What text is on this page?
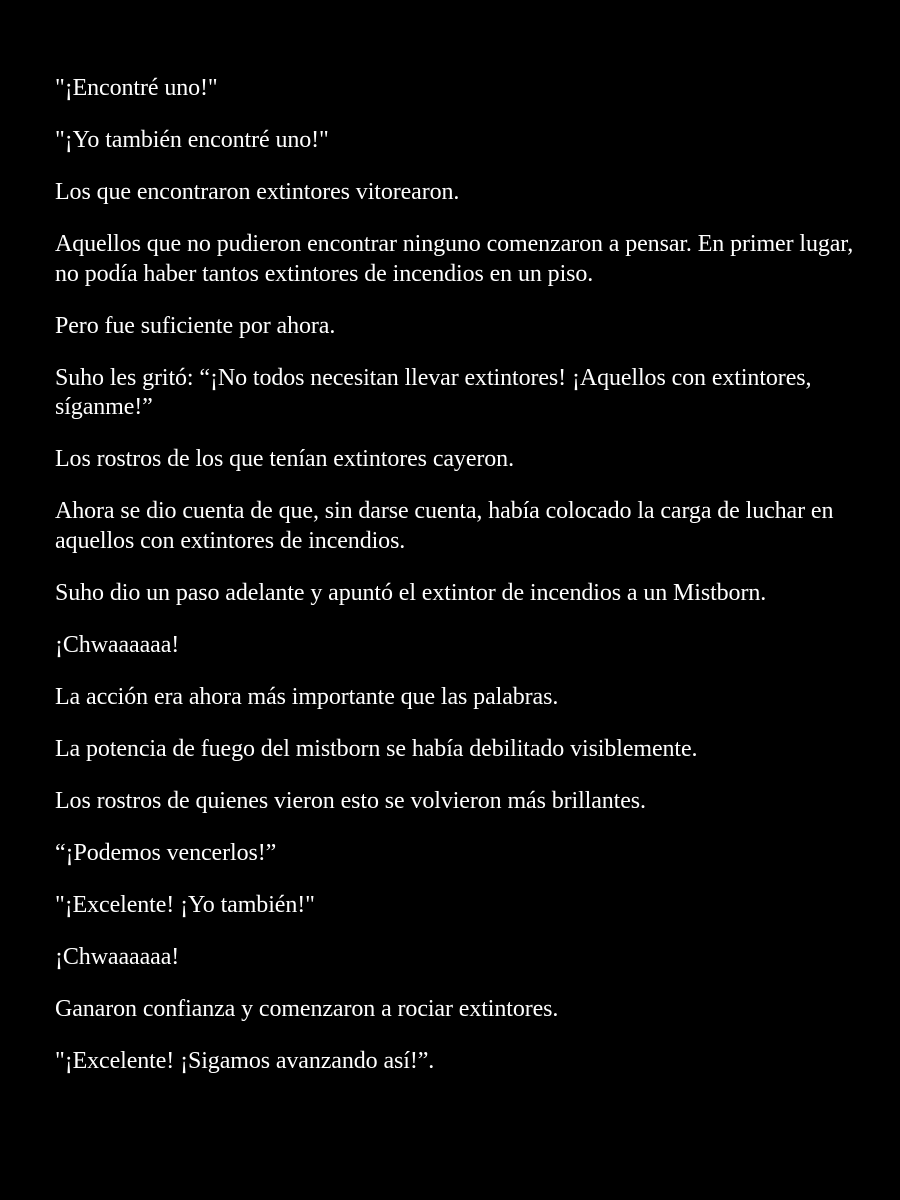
"¡Encontré uno!"

"¡Yo también encontré uno!"

Los que encontraron extintores vitorearon.

Aquellos que no pudieron encontrar ninguno comenzaron a pensar. En primer lugar, no podía haber tantos extintores de incendios en un piso.

Pero fue suficiente por ahora.

Suho les gritó: “¡No todos necesitan llevar extintores! ¡Aquellos con extintores, síganme!”

Los rostros de los que tenían extintores cayeron.

Ahora se dio cuenta de que, sin darse cuenta, había colocado la carga de luchar en aquellos con extintores de incendios.

Suho dio un paso adelante y apuntó el extintor de incendios a un Mistborn.

¡Chwaaaaaa!

La acción era ahora más importante que las palabras.

La potencia de fuego del mistborn se había debilitado visiblemente.

Los rostros de quienes vieron esto se volvieron más brillantes.

“¡Podemos vencerlos!”

"¡Excelente! ¡Yo también!"

¡Chwaaaaaa!

Ganaron confianza y comenzaron a rociar extintores.

"¡Excelente! ¡Sigamos avanzando así!”.
